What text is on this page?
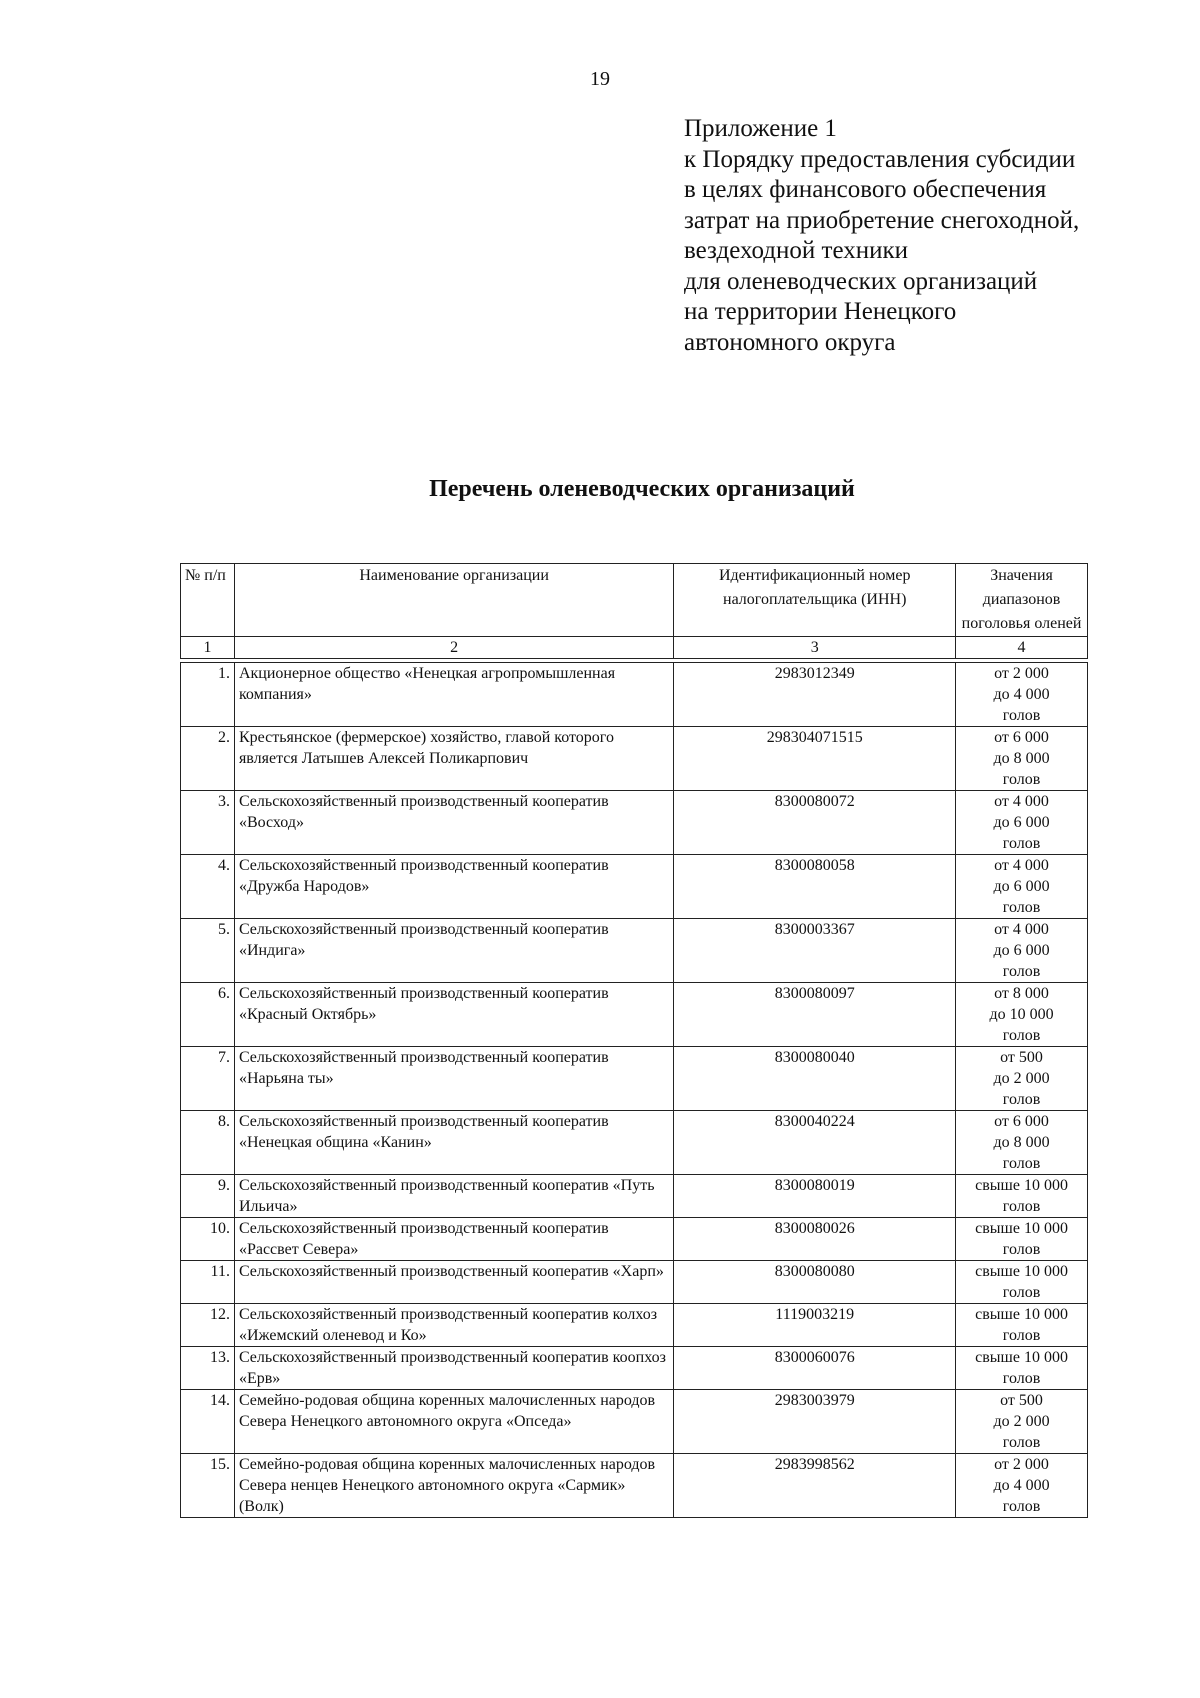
19
Приложение 1
к Порядку предоставления субсидии
в целях финансового обеспечения
затрат на приобретение снегоходной,
вездеходной техники
для оленеводческих организаций
на территории Ненецкого
автономного округа
Перечень оленеводческих организаций
№ п/п	Наименование организации	Идентификационный номер налогоплательщика (ИНН)	Значения диапазонов поголовья оленей
1	2	3	4

1.	Акционерное общество «Ненецкая агропромышленная компания»	2983012349	от 2 000
до 4 000
голов

2.	Крестьянское (фермерское) хозяйство, главой которого является Латышев Алексей Поликарпович	298304071515	от 6 000
до 8 000
голов

3.	Сельскохозяйственный производственный кооператив «Восход»	8300080072	от 4 000
до 6 000
голов

4.	Сельскохозяйственный производственный кооператив «Дружба Народов»	8300080058	от 4 000
до 6 000
голов

5.	Сельскохозяйственный производственный кооператив «Индига»	8300003367	от 4 000
до 6 000
голов

6.	Сельскохозяйственный производственный кооператив «Красный Октябрь»	8300080097	от 8 000
до 10 000
голов

7.	Сельскохозяйственный производственный кооператив «Нарьяна ты»	8300080040	от 500
до 2 000
голов

8.	Сельскохозяйственный производственный кооператив «Ненецкая община «Канин»	8300040224	от 6 000
до 8 000
голов

9.	Сельскохозяйственный производственный кооператив «Путь Ильича»	8300080019	свыше 10 000
голов

10.	Сельскохозяйственный производственный кооператив «Рассвет Севера»	8300080026	свыше 10 000
голов

11.	Сельскохозяйственный производственный кооператив «Харп»	8300080080	свыше 10 000
голов

12.	Сельскохозяйственный производственный кооператив колхоз «Ижемский оленевод и Ко»	1119003219	свыше 10 000
голов

13.	Сельскохозяйственный производственный кооператив коопхоз «Ерв»	8300060076	свыше 10 000
голов

14.	Семейно-родовая община коренных малочисленных народов Севера Ненецкого автономного округа «Опседа»	2983003979	от 500
до 2 000
голов

15.	Семейно-родовая община коренных малочисленных народов Севера ненцев Ненецкого автономного округа «Сармик» (Волк)	2983998562	от 2 000
до 4 000
голов
